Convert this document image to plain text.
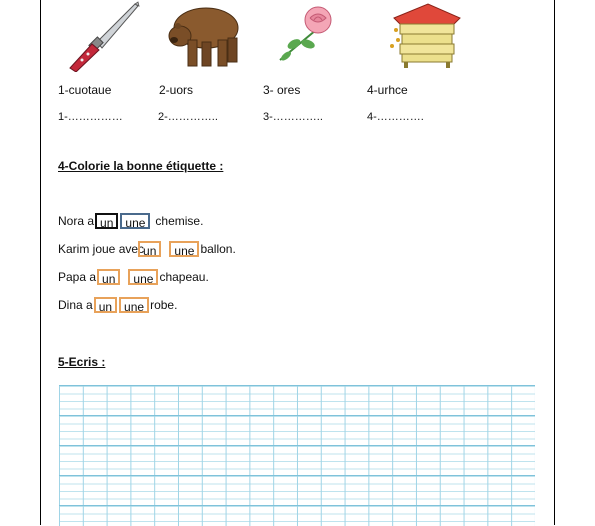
1-cuotaue	2-uors	3- ores	4-urhce
1-……………	2-…………..	3-…………..	4-………….
4-Colorie la bonne étiquette :
Nora a un	une chemise.
Karim joue avec un	une ballon.
Papa a un	une chapeau.
Dina a un	une robe.
5-Ecris :
